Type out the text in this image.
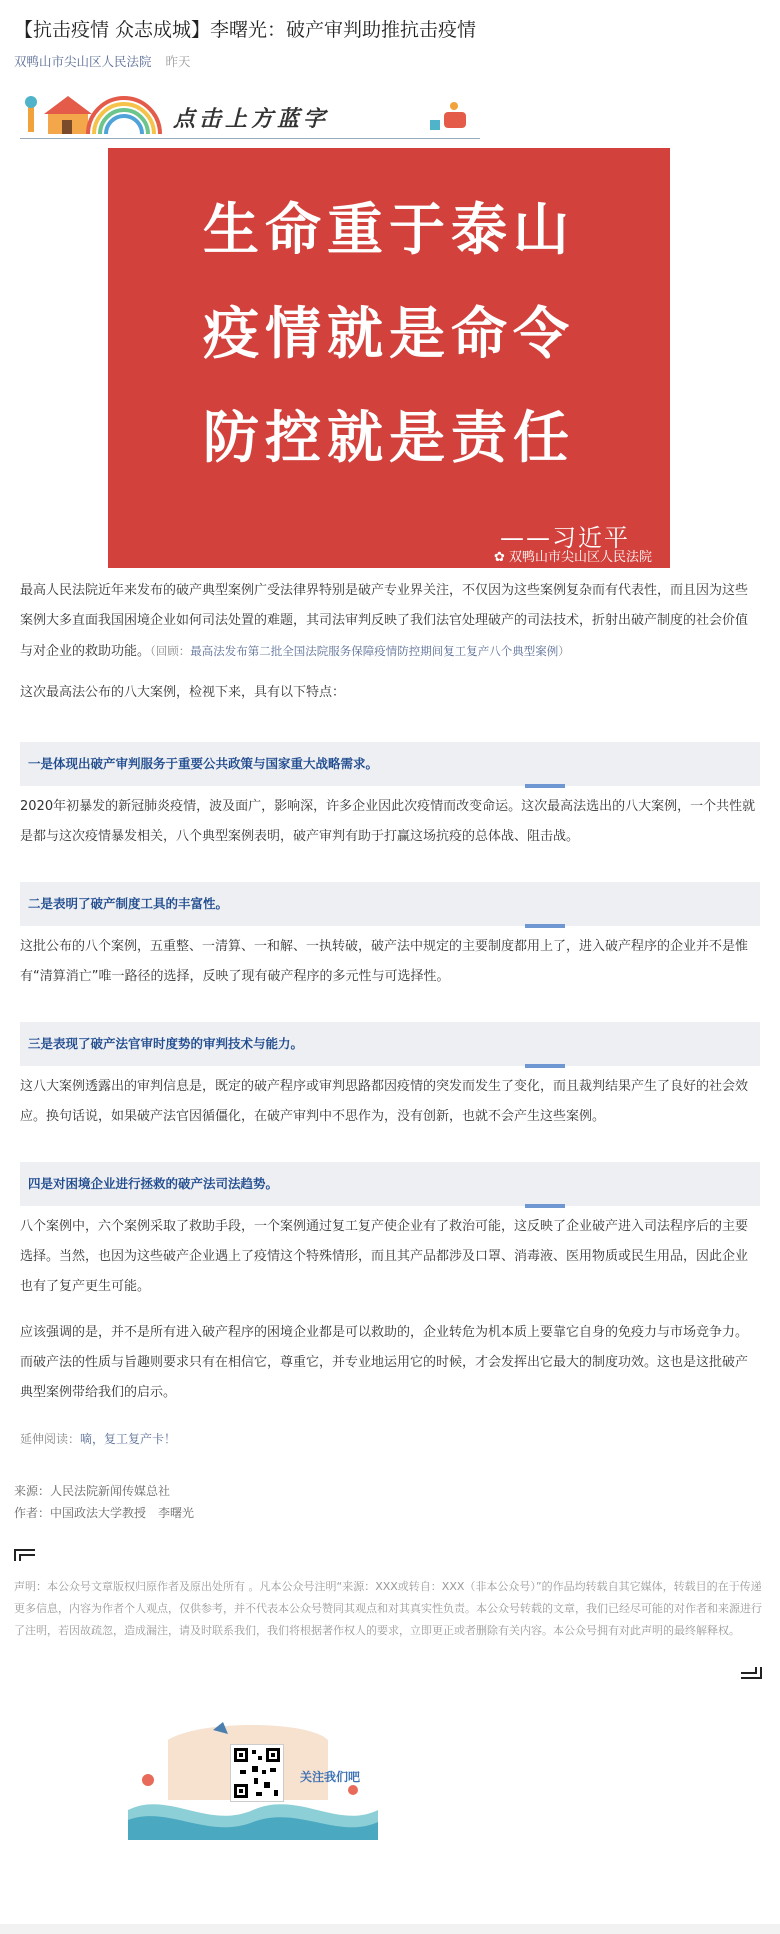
【抗击疫情 众志成城】李曙光：破产审判助推抗击疫情
双鸭山市尖山区人民法院 昨天
点击上方蓝字
生命重于泰山
疫情就是命令
防控就是责任
——习近平
✿ 双鸭山市尖山区人民法院

最高人民法院近年来发布的破产典型案例广受法律界特别是破产专业界关注，不仅因为这些案例复杂而有代表性，而且因为这些案例大多直面我国困境企业如何司法处置的难题，其司法审判反映了我们法官处理破产的司法技术，折射出破产制度的社会价值与对企业的救助功能。（回顾：最高法发布第二批全国法院服务保障疫情防控期间复工复产八个典型案例）

这次最高法公布的八大案例，检视下来，具有以下特点：

一是体现出破产审判服务于重要公共政策与国家重大战略需求。

2020年初暴发的新冠肺炎疫情，波及面广，影响深，许多企业因此次疫情而改变命运。这次最高法选出的八大案例，一个共性就是都与这次疫情暴发相关，八个典型案例表明，破产审判有助于打赢这场抗疫的总体战、阻击战。

二是表明了破产制度工具的丰富性。

这批公布的八个案例，五重整、一清算、一和解、一执转破，破产法中规定的主要制度都用上了，进入破产程序的企业并不是惟有“清算消亡”唯一路径的选择，反映了现有破产程序的多元性与可选择性。

三是表现了破产法官审时度势的审判技术与能力。

这八大案例透露出的审判信息是，既定的破产程序或审判思路都因疫情的突发而发生了变化，而且裁判结果产生了良好的社会效应。换句话说，如果破产法官因循僵化，在破产审判中不思作为，没有创新，也就不会产生这些案例。

四是对困境企业进行拯救的破产法司法趋势。

八个案例中，六个案例采取了救助手段，一个案例通过复工复产使企业有了救治可能，这反映了企业破产进入司法程序后的主要选择。当然，也因为这些破产企业遇上了疫情这个特殊情形，而且其产品都涉及口罩、消毒液、医用物质或民生用品，因此企业也有了复产更生可能。

应该强调的是，并不是所有进入破产程序的困境企业都是可以救助的，企业转危为机本质上要靠它自身的免疫力与市场竞争力。而破产法的性质与旨趣则要求只有在相信它，尊重它，并专业地运用它的时候，才会发挥出它最大的制度功效。这也是这批破产典型案例带给我们的启示。

延伸阅读：嘀，复工复产卡！
来源：人民法院新闻传媒总社
作者：中国政法大学教授　李曙光

声明：本公众号文章版权归原作者及原出处所有 。凡本公众号注明“来源：XXX或转自：XXX（非本公众号）”的作品均转载自其它媒体，转载目的在于传递更多信息，内容为作者个人观点，仅供参考，并不代表本公众号赞同其观点和对其真实性负责。本公众号转载的文章，我们已经尽可能的对作者和来源进行了注明，若因故疏忽，造成漏注，请及时联系我们，我们将根据著作权人的要求，立即更正或者删除有关内容。本公众号拥有对此声明的最终解释权。

关注我们吧
